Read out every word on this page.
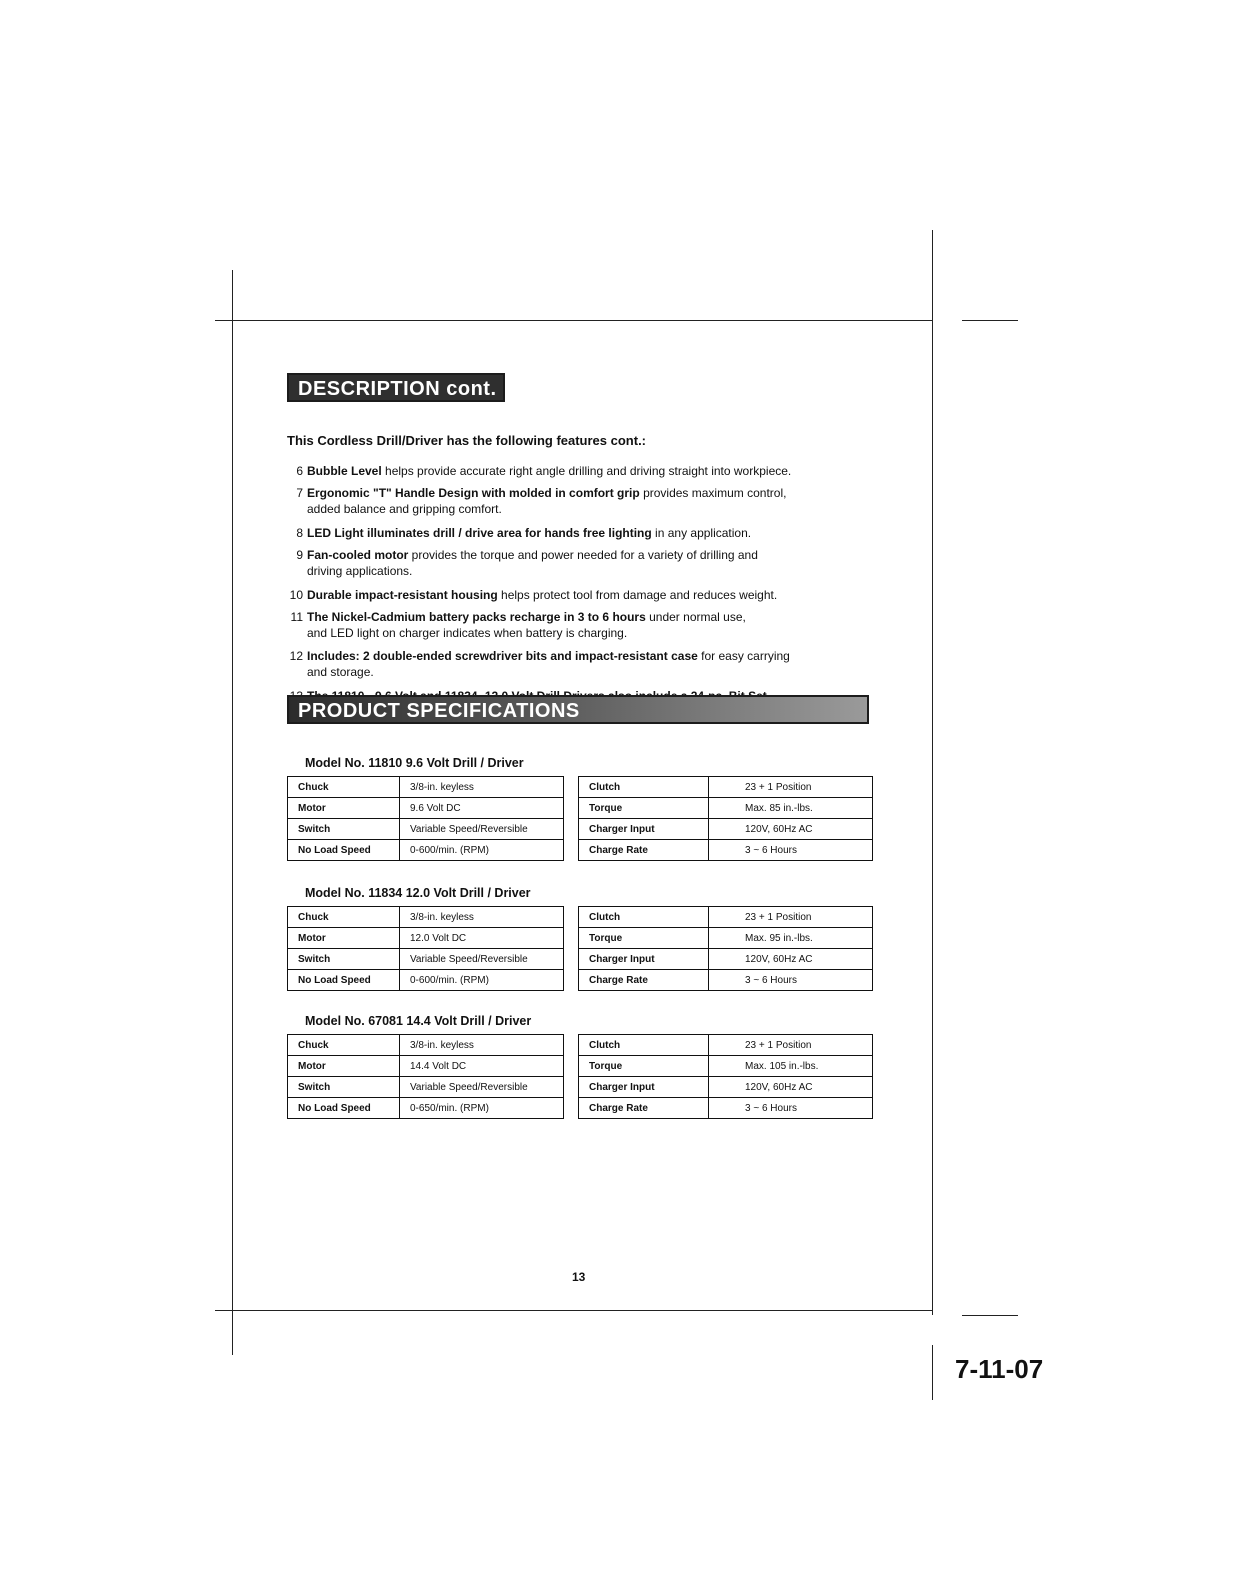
DESCRIPTION cont.
This Cordless Drill/Driver has the following features cont.:
6 Bubble Level helps provide accurate right angle drilling and driving straight into workpiece.
7 Ergonomic "T" Handle Design with molded in comfort grip provides maximum control,
added balance and gripping comfort.
8 LED Light illuminates drill / drive area for hands free lighting in any application.
9 Fan-cooled motor provides the torque and power needed for a variety of drilling and
driving applications.
10 Durable impact-resistant housing helps protect tool from damage and reduces weight.
11 The Nickel-Cadmium battery packs recharge in 3 to 6 hours under normal use,
and LED light on charger indicates when battery is charging.
12 Includes: 2 double-ended screwdriver bits and impact-resistant case for easy carrying
and storage.
PRODUCT SPECIFICATIONS
Model No. 11810 9.6 Volt Drill / Driver
Chuck	3/8-in. keyless
Motor	9.6 Volt DC
Switch	Variable Speed/Reversible
No Load Speed	0-600/min. (RPM)
Clutch	23 + 1 Position
Torque	Max. 85 in.-lbs.
Charger Input	120V, 60Hz AC
Charge Rate	3 ~ 6 Hours
Model No. 11834 12.0 Volt Drill / Driver
Chuck	3/8-in. keyless
Motor	12.0 Volt DC
Switch	Variable Speed/Reversible
No Load Speed	0-600/min. (RPM)
Clutch	23 + 1 Position
Torque	Max. 95 in.-lbs.
Charger Input	120V, 60Hz AC
Charge Rate	3 ~ 6 Hours
Model No. 67081 14.4 Volt Drill / Driver
Chuck	3/8-in. keyless
Motor	14.4 Volt DC
Switch	Variable Speed/Reversible
No Load Speed	0-650/min. (RPM)
Clutch	23 + 1 Position
Torque	Max. 105 in.-lbs.
Charger Input	120V, 60Hz AC
Charge Rate	3 ~ 6 Hours
13
7-11-07
